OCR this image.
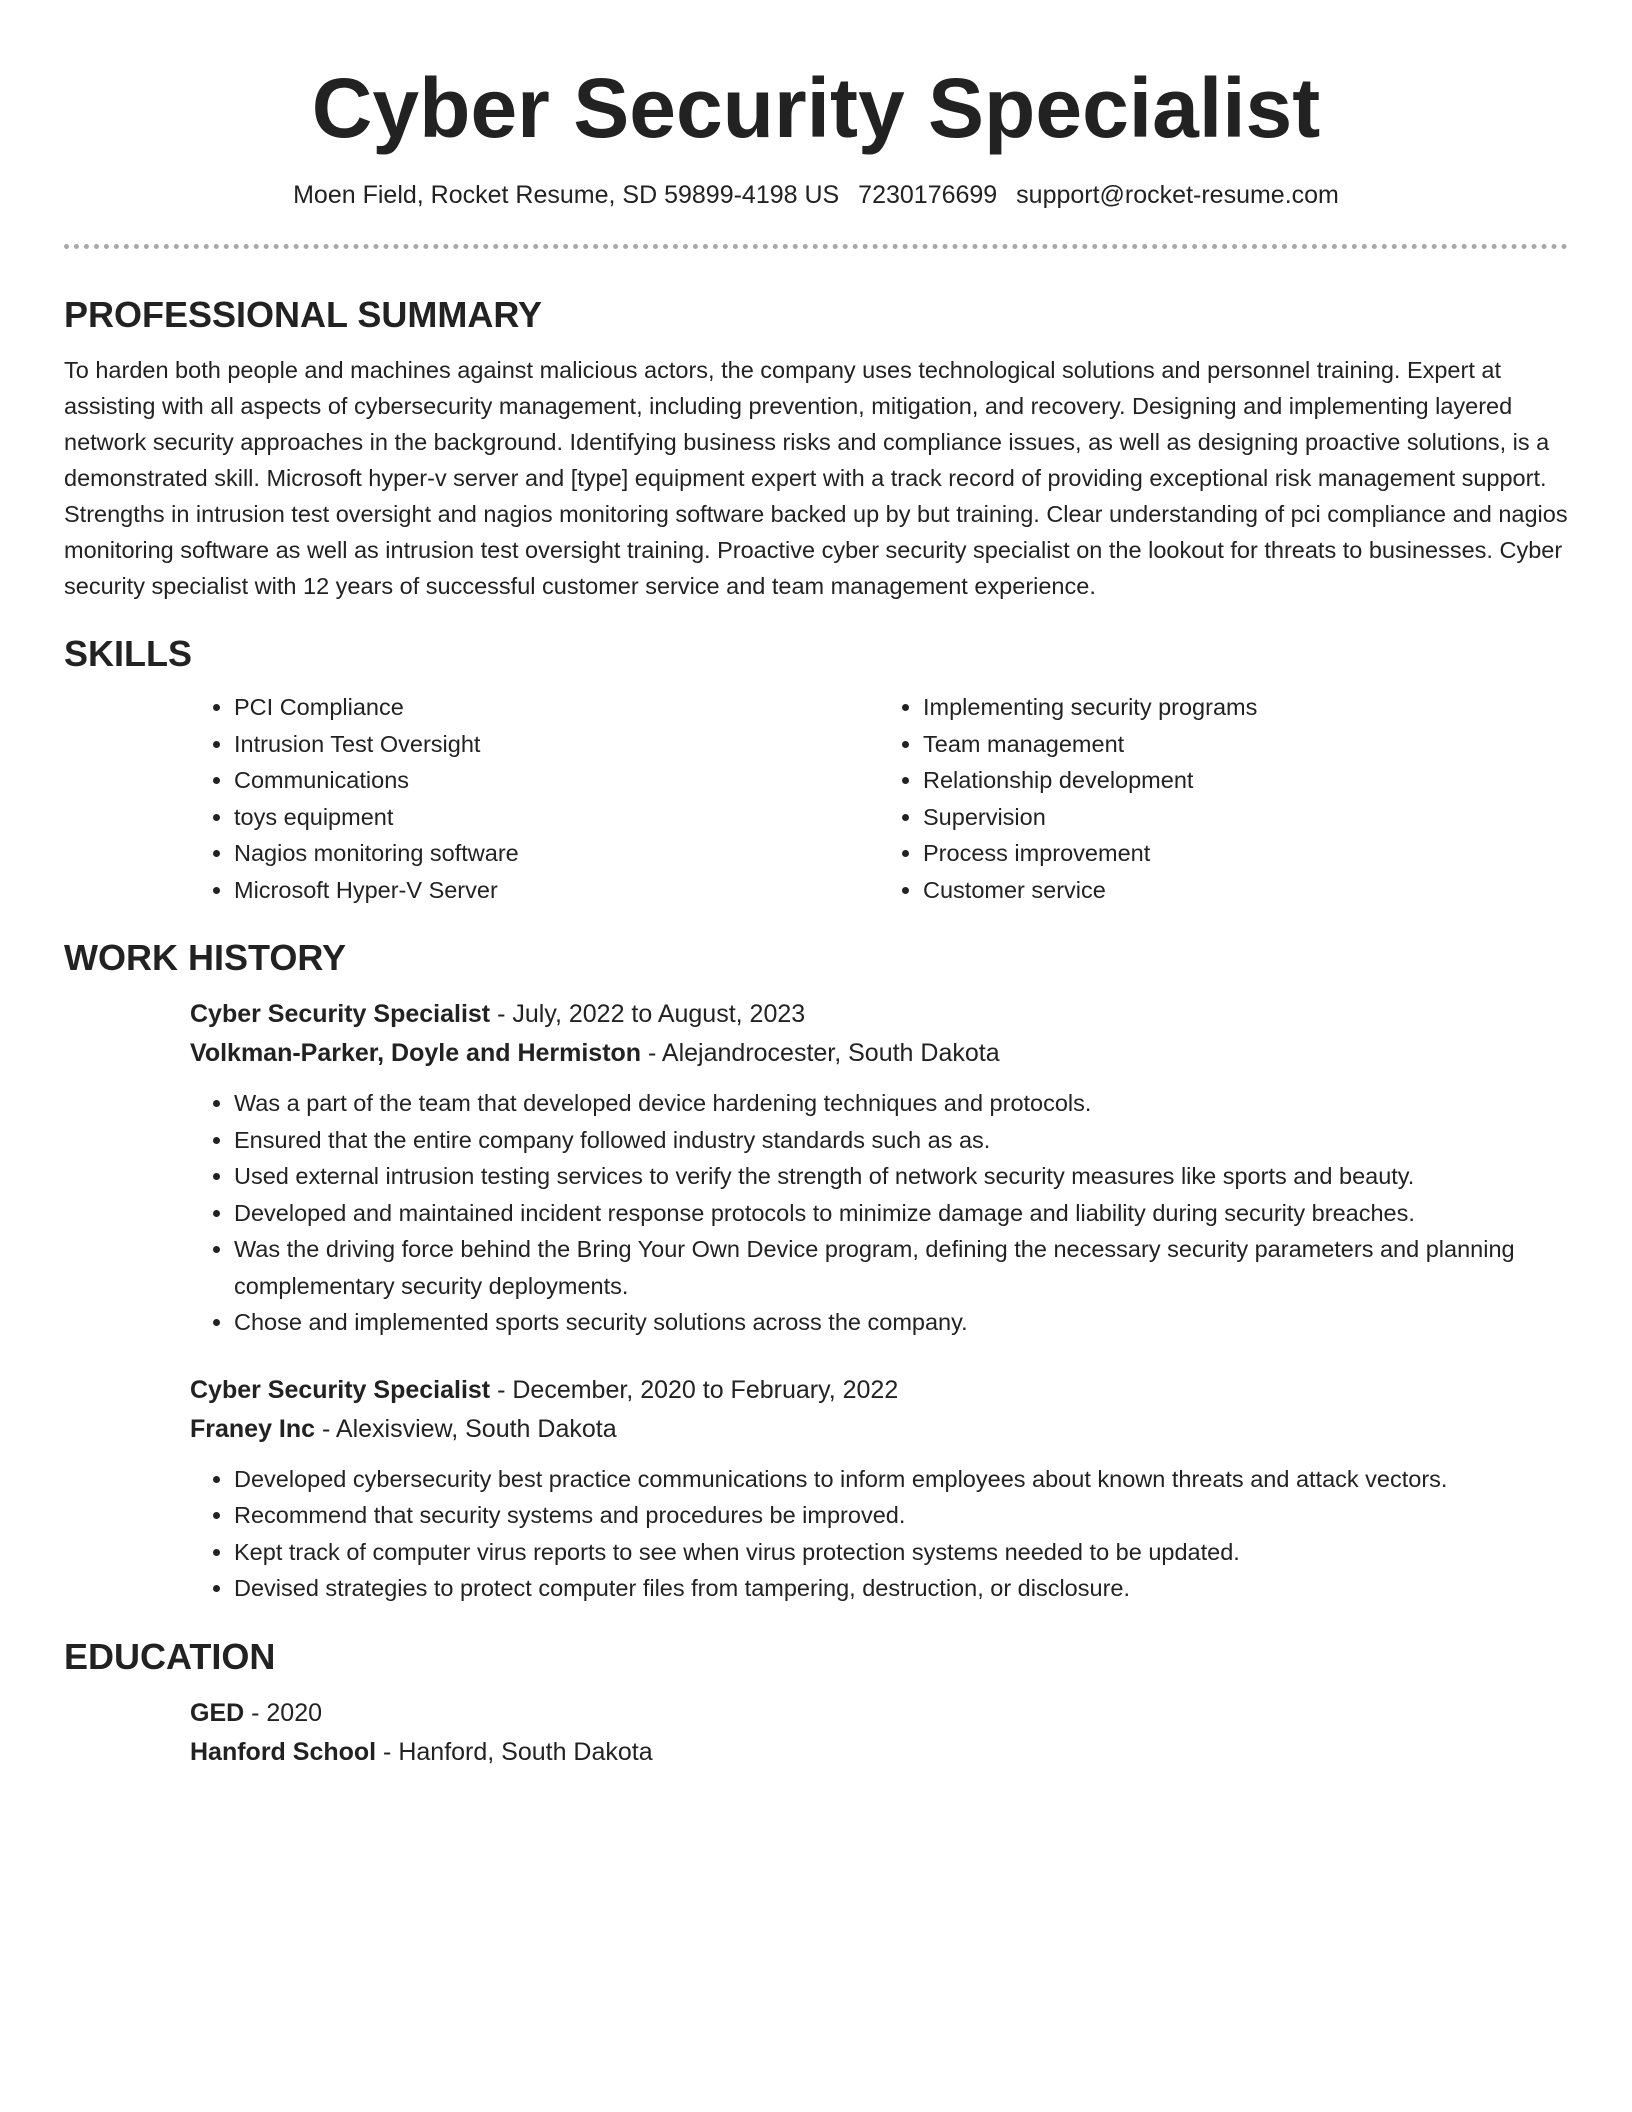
Cyber Security Specialist
Moen Field, Rocket Resume, SD 59899-4198 US 7230176699 support@rocket-resume.com
PROFESSIONAL SUMMARY

To harden both people and machines against malicious actors, the company uses technological solutions and personnel training. Expert at assisting with all aspects of cybersecurity management, including prevention, mitigation, and recovery. Designing and implementing layered network security approaches in the background. Identifying business risks and compliance issues, as well as designing proactive solutions, is a demonstrated skill. Microsoft hyper-v server and [type] equipment expert with a track record of providing exceptional risk management support. Strengths in intrusion test oversight and nagios monitoring software backed up by but training. Clear understanding of pci compliance and nagios monitoring software as well as intrusion test oversight training. Proactive cyber security specialist on the lookout for threats to businesses. Cyber security specialist with 12 years of successful customer service and team management experience.

SKILLS
• PCI Compliance
• Intrusion Test Oversight
• Communications
• toys equipment
• Nagios monitoring software
• Microsoft Hyper-V Server
• Implementing security programs
• Team management
• Relationship development
• Supervision
• Process improvement
• Customer service
WORK HISTORY
Cyber Security Specialist - July, 2022 to August, 2023
Volkman-Parker, Doyle and Hermiston - Alejandrocester, South Dakota
• Was a part of the team that developed device hardening techniques and protocols.
• Ensured that the entire company followed industry standards such as as.
• Used external intrusion testing services to verify the strength of network security measures like sports and beauty.
• Developed and maintained incident response protocols to minimize damage and liability during security breaches.
• Was the driving force behind the Bring Your Own Device program, defining the necessary security parameters and planning complementary security deployments.
• Chose and implemented sports security solutions across the company.
Cyber Security Specialist - December, 2020 to February, 2022
Franey Inc - Alexisview, South Dakota
• Developed cybersecurity best practice communications to inform employees about known threats and attack vectors.
• Recommend that security systems and procedures be improved.
• Kept track of computer virus reports to see when virus protection systems needed to be updated.
• Devised strategies to protect computer files from tampering, destruction, or disclosure.
EDUCATION
GED - 2020
Hanford School - Hanford, South Dakota
